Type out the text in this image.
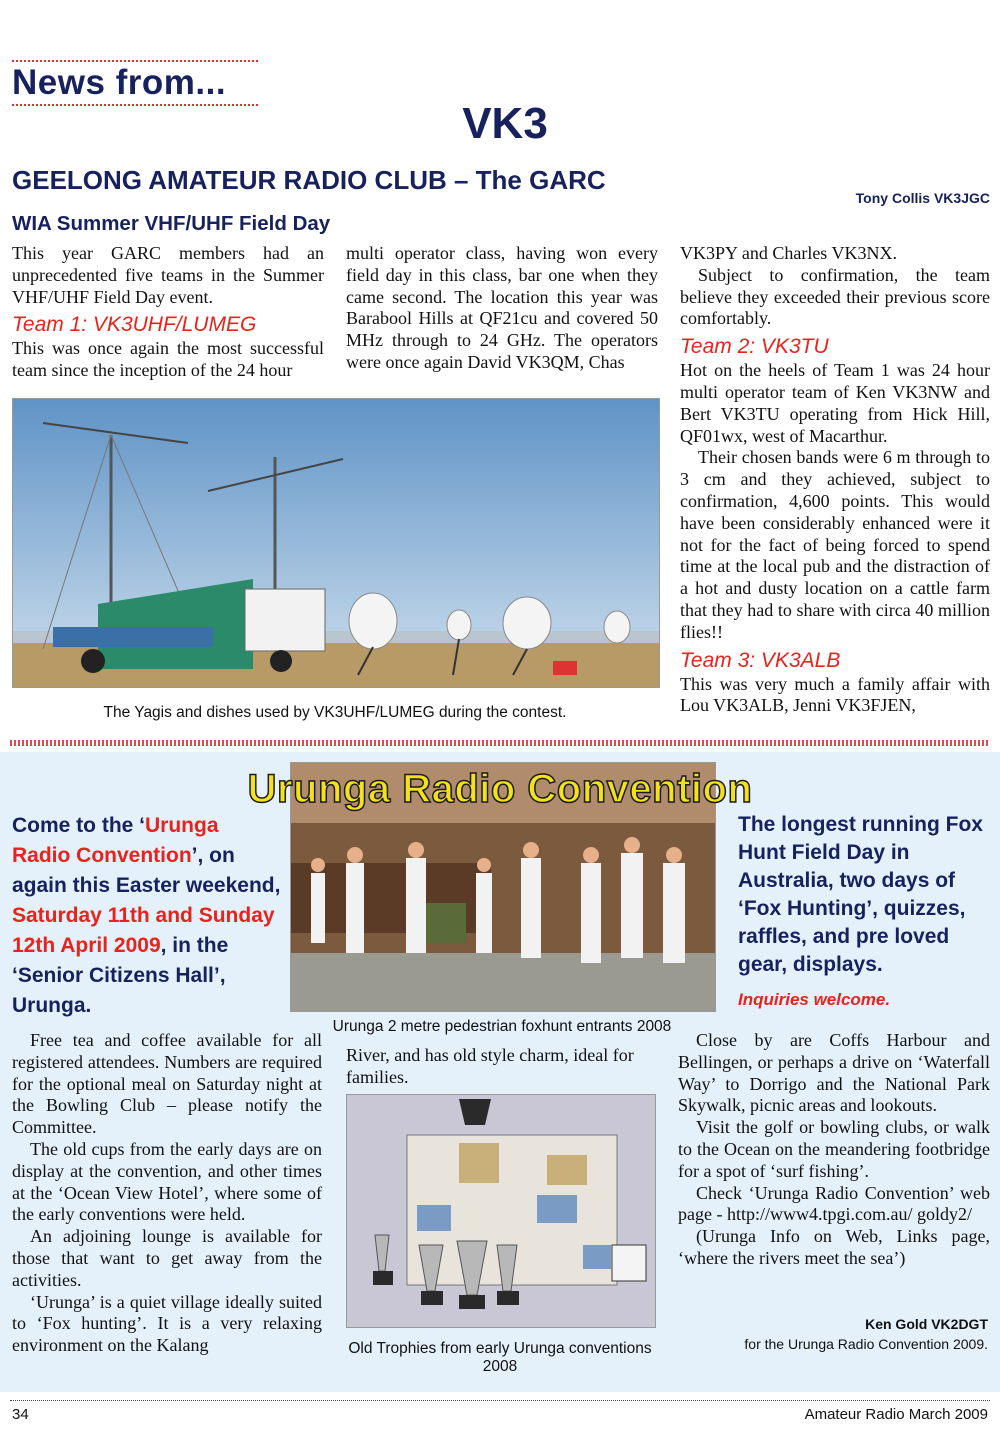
News from...
VK3
GEELONG AMATEUR RADIO CLUB – The GARC
Tony Collis VK3JGC
WIA Summer VHF/UHF Field Day

This year GARC members had an unprecedented five teams in the Summer VHF/UHF Field Day event.

Team 1: VK3UHF/LUMEG

This was once again the most successful team since the inception of the 24 hour

multi operator class, having won every field day in this class, bar one when they came second. The location this year was Barabool Hills at QF21cu and covered 50 MHz through to 24 GHz. The operators were once again David VK3QM, Chas

The Yagis and dishes used by VK3UHF/LUMEG during the contest.

VK3PY and Charles VK3NX.

Subject to confirmation, the team believe they exceeded their previous score comfortably.

Team 2: VK3TU

Hot on the heels of Team 1 was 24 hour multi operator team of Ken VK3NW and Bert VK3TU operating from Hick Hill, QF01wx, west of Macarthur.

Their chosen bands were 6 m through to 3 cm and they achieved, subject to confirmation, 4,600 points. This would have been considerably enhanced were it not for the fact of being forced to spend time at the local pub and the distraction of a hot and dusty location on a cattle farm that they had to share with circa 40 million flies!!

Team 3: VK3ALB

This was very much a family affair with Lou VK3ALB, Jenni VK3FJEN,

Urunga Radio Convention
Come to the ‘Urunga Radio Convention’, on again this Easter weekend, Saturday 11th and Sunday 12th April 2009, in the ‘Senior Citizens Hall’, Urunga.
The longest running Fox Hunt Field Day in Australia, two days of ‘Fox Hunting’, quizzes, raffles, and pre loved gear, displays.
Inquiries welcome.
Urunga 2 metre pedestrian foxhunt entrants 2008

Free tea and coffee available for all registered attendees. Numbers are required for the optional meal on Saturday night at the Bowling Club – please notify the Committee.

The old cups from the early days are on display at the convention, and other times at the ‘Ocean View Hotel’, where some of the early conventions were held.

An adjoining lounge is available for those that want to get away from the activities.

‘Urunga’ is a quiet village ideally suited to ‘Fox hunting’. It is a very relaxing environment on the Kalang

River, and has old style charm, ideal for families.

Old Trophies from early Urunga conventions 2008

Close by are Coffs Harbour and Bellingen, or perhaps a drive on ‘Waterfall Way’ to Dorrigo and the National Park Skywalk, picnic areas and lookouts.

Visit the golf or bowling clubs, or walk to the Ocean on the meandering footbridge for a spot of ‘surf fishing’.

Check ‘Urunga Radio Convention’ web page - http://www4.tpgi.com.au/ goldy2/

(Urunga Info on Web, Links page, ‘where the rivers meet the sea’)

Ken Gold VK2DGT
for the Urunga Radio Convention 2009.
34	Amateur Radio March 2009
